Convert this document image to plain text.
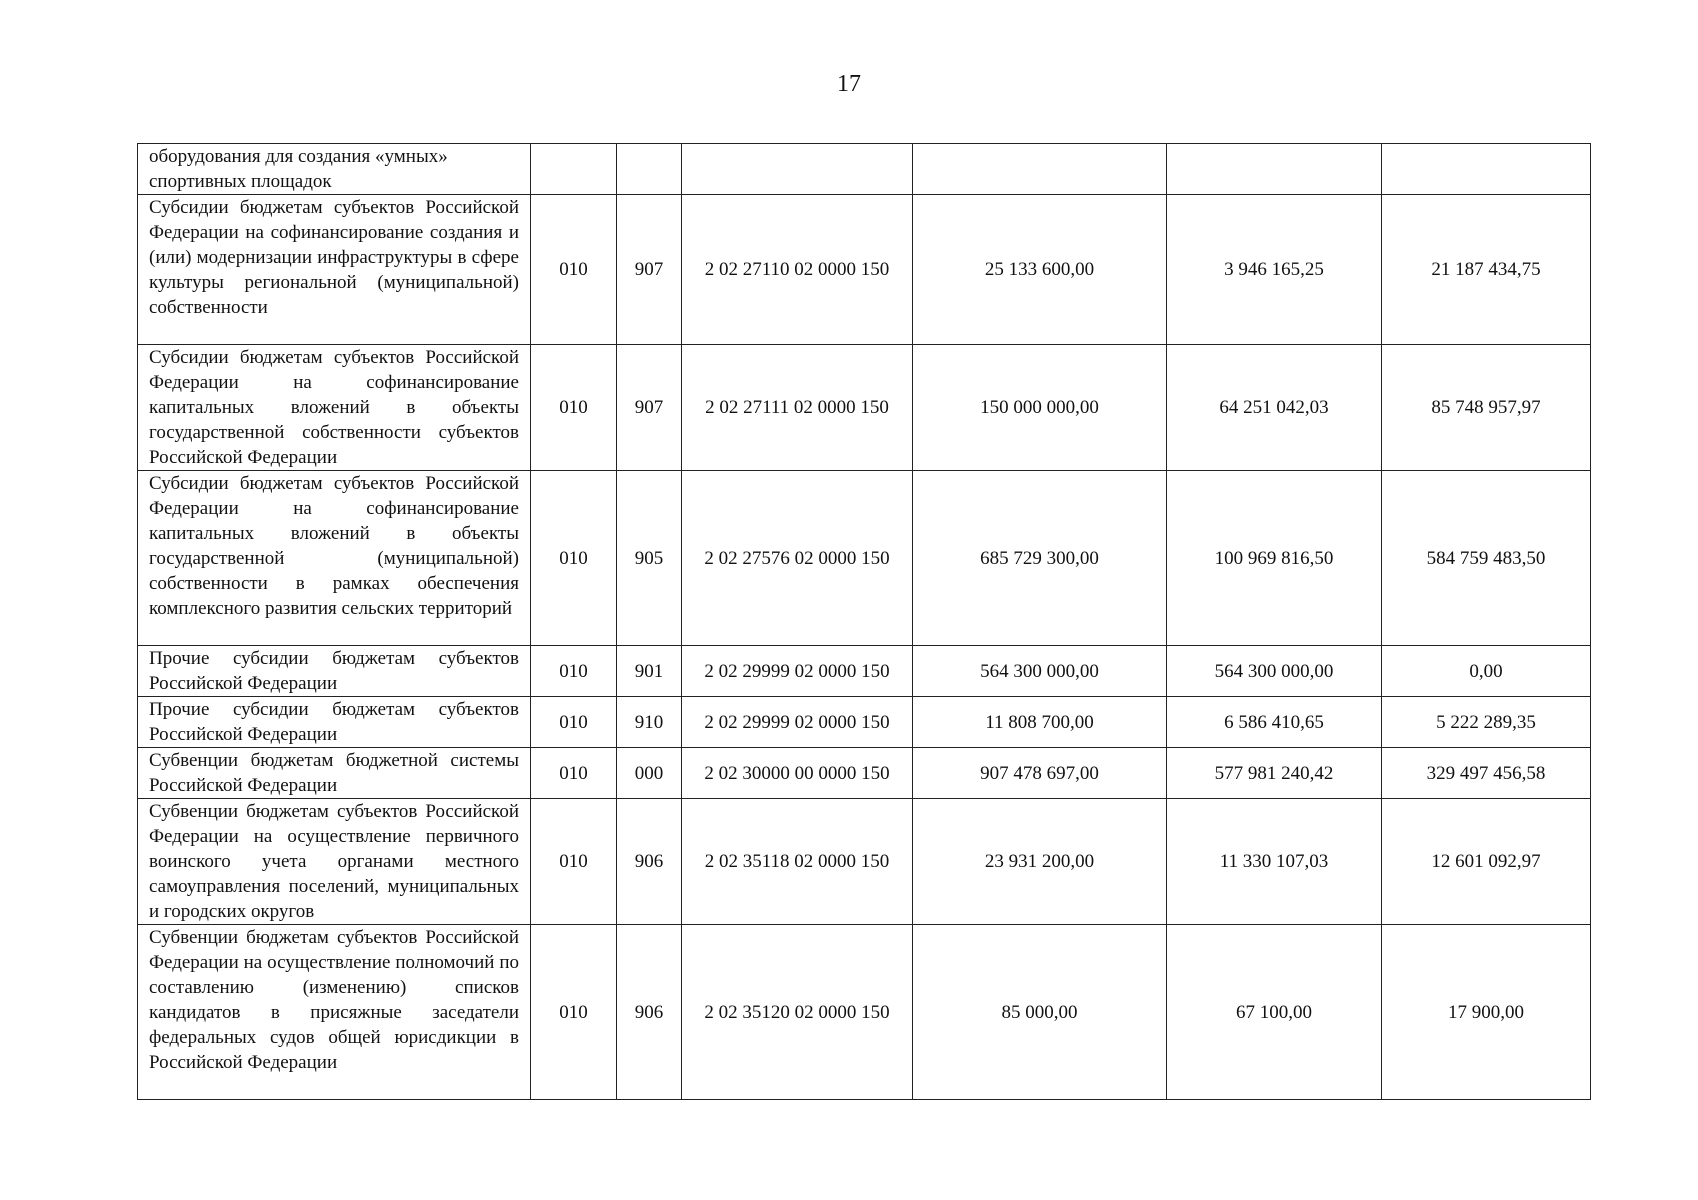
17
оборудования для создания «умных»
спортивных площадок						
Субсидии бюджетам субъектов Российской Федерации на софинансирование создания и (или) модернизации инфраструктуры в сфере культуры региональной (муниципальной) собственности	010	907	2 02 27110 02 0000 150	25 133 600,00	3 946 165,25	21 187 434,75
Субсидии бюджетам субъектов Российской Федерации на софинансирование капитальных вложений в объекты государственной собственности субъектов Российской Федерации	010	907	2 02 27111 02 0000 150	150 000 000,00	64 251 042,03	85 748 957,97
Субсидии бюджетам субъектов Российской Федерации на софинансирование капитальных вложений в объекты государственной (муниципальной) собственности в рамках обеспечения комплексного развития сельских территорий	010	905	2 02 27576 02 0000 150	685 729 300,00	100 969 816,50	584 759 483,50
Прочие субсидии бюджетам субъектов Российской Федерации	010	901	2 02 29999 02 0000 150	564 300 000,00	564 300 000,00	0,00
Прочие субсидии бюджетам субъектов Российской Федерации	010	910	2 02 29999 02 0000 150	11 808 700,00	6 586 410,65	5 222 289,35
Субвенции бюджетам бюджетной системы Российской Федерации	010	000	2 02 30000 00 0000 150	907 478 697,00	577 981 240,42	329 497 456,58
Субвенции бюджетам субъектов Российской Федерации на осуществление первичного воинского учета органами местного самоуправления поселений, муниципальных и городских округов	010	906	2 02 35118 02 0000 150	23 931 200,00	11 330 107,03	12 601 092,97
Субвенции бюджетам субъектов Российской Федерации на осуществление полномочий по составлению (изменению) списков кандидатов в присяжные заседатели федеральных судов общей юрисдикции в Российской Федерации	010	906	2 02 35120 02 0000 150	85 000,00	67 100,00	17 900,00
